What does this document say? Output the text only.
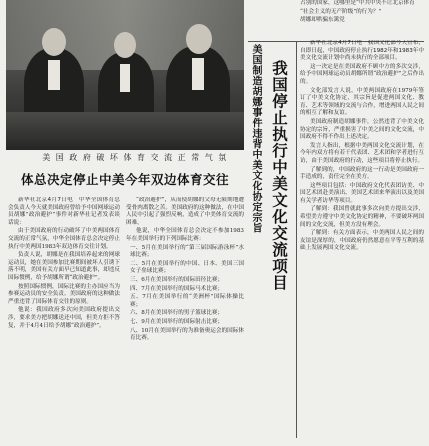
美 国 政 府 破 坏 体 育 交 流 正 常 气 氛
体总决定停止中美今年双边体育交往

新华社北京4月7日电　中华全国体育总会负责人今天就美国政府曾给予中国网球运动员胡娜“政治避护”事件对新华社记者发表谈话说：

由于美国政府的行动破坏了中美两国体育交流的正常气氛，中华全国体育总会决定停止执行中美两国1983年双边体育交往计划。

负责人说，胡娜是在我国培养起来的网球运动员，她在美国参加比赛期间被坏人引诱下落不明，美国有关方面早已知道此事，却违反国际惯例，给予胡娜所谓“政治避护”。

按照国际惯例，国际比赛的主办国应当为参赛运动员的安全负责。美国政府的这种做法严重违背了国际体育交往的原则。

他说：我国政府多次向美国政府提出交涉，要求美方把胡娜送还中国，但美方拒不答复，并于4月4日给予胡娜“政治避护”。

“政治避护”，从而使胡娜的父母无限期地遭受骨肉离散之苦。美国政府的这种做法，在中国人民中引起了强烈反响，造成了中美体育交流的困难。

他说，中华全国体育总会决定不参加1983年在美国举行的下列国际比赛：

一、5月在美国举行的“第三届国际游泳杯”水球比赛；

二、5月在美国举行的中国、日本、美国三国女子垒球比赛；

三、6月在美国举行的国际田径比赛；

四、7月在美国举行的国际马术比赛；

五、7月在美国举行的“美洲杯”国际体操比赛；

六、8月在美国举行的男子篮球比赛；

七、9月在美国举行的国际射击比赛；

八、10月在美国举行的为准备奥运会的国际体育比赛。

占别的国家，这哪里是“中共中央不让北京体育

“社会主义的无产阶级”的行为？”

胡娜却哄骗东篱党

美国制造胡娜事件违背中美文化协定宗旨 我国停止执行中美文化交流项目

新华社北京4月7日电　我国文化部今天宣布，自即日起，中国政府停止执行1982年和1983年中美文化交流计划中尚未执行的全部项目。

这一决定是在美国政府不顾中方的多次交涉，给予中国网球运动员胡娜所谓“政治避护”之后作出的。

文化部发言人说，中美两国政府在1979年签订了中美文化协定，其宗旨是促进两国文化、教育、艺术等领域的交流与合作，增进两国人民之间的相互了解和友谊。

美国政府制造胡娜事件，公然违背了中美文化协定的宗旨，严重损害了中美之间的文化交流，中国政府不得不作出上述决定。

发言人指出，根据中美两国文化交流计划，在今年内双方将有若干代表团、艺术团和学者进行互访，由于美国政府的行动，这些项目将停止执行。

了解到的，中国政府的这一行动是美国政府一手造成的，责任完全在美方。

这些项目包括：中国政府文化代表团访美、中国艺术团赴美演出、美国艺术团来华演出以及美国有关学者访华等项目。

了解到：我国曾就此事多次向美方提出交涉，希望美方遵守中美文化协定的精神，不要破坏两国间的文化交流，但美方没有理会。

了解到：有关方面表示，中美两国人民之间的友谊是深厚的，中国政府仍然愿意在平等互利的基础上发展两国文化交流。
